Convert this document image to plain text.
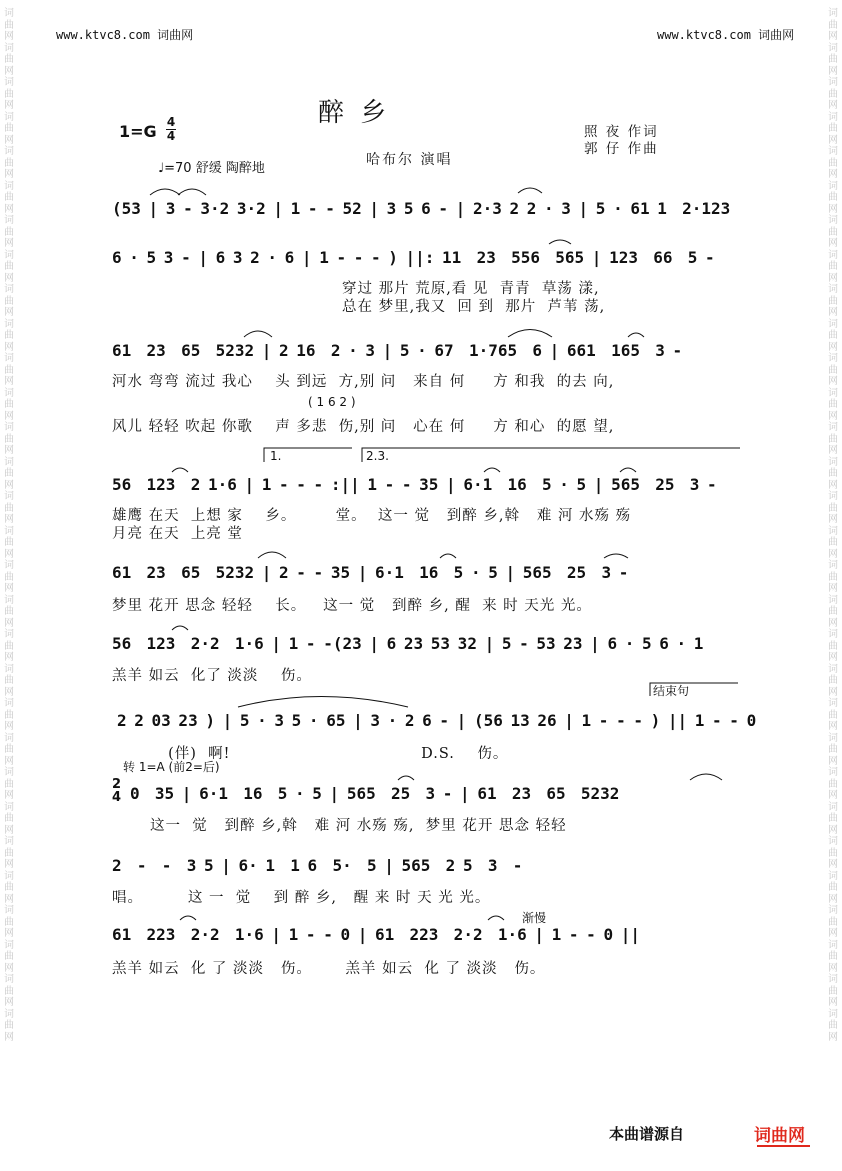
词曲网词曲网词曲网词曲网词曲网词曲网词曲网词曲网词曲网词曲网词曲网词曲网词曲网词曲网词曲网词曲网词曲网词曲网词曲网词曲网词曲网词曲网词曲网词曲网词曲网词曲网词曲网词曲网词曲网词曲网
词曲网词曲网词曲网词曲网词曲网词曲网词曲网词曲网词曲网词曲网词曲网词曲网词曲网词曲网词曲网词曲网词曲网词曲网词曲网词曲网词曲网词曲网词曲网词曲网词曲网词曲网词曲网词曲网词曲网词曲网
www.ktvc8.com 词曲网	www.ktvc8.com 词曲网
醉 乡
1=G 4
4
♩=70 舒缓 陶醉地
哈布尔 演唱
照 夜 作词
郭 仔 作曲
(53 | 3 - 3·2 3·2 | 1 - - 52 | 3 5 6 - | 2·3 2 2 · 3 | 5 · 61 1  2·123
6 · 5 3 - | 6 3 2 · 6 | 1 - - - ) ||: 11  23  556  565 | 123  66  5 -
穿过 那片 荒原,看 见  青青  草荡 漾,
总在 梦里,我又  回 到  那片  芦苇 荡,
61  23  65  5232 | 2 16  2 · 3 | 5 · 67  1·765  6 | 661  165  3 -
河水 弯弯 流过 我心    头 到远  方,别 问   来自 何     方 和我  的去 向,
( 1 6 2 )
风儿 轻轻 吹起 你歌    声 多悲  伤,别 问   心在 何     方 和心  的愿 望,
1.	2.3.
56  123  2 1·6 | 1 - - - :|| 1 - - 35 | 6·1  16  5 · 5 | 565  25  3 -
雄鹰 在天  上想 家    乡。       堂。  这一 觉   到醉 乡,斡   难 河 水殇 殇
月亮 在天  上亮 堂
61  23  65  5232 | 2 - - 35 | 6·1  16  5 · 5 | 565  25  3 -
梦里 花开 思念 轻轻    长。   这一 觉   到醉 乡, 醒  来 时 天光 光。
56  123  2·2  1·6 | 1 - -(23 | 6 23 53 32 | 5 - 53 23 | 6 · 5 6 · 1
羔羊 如云  化了 淡淡    伤。
结束句
2 2 03 23 ) | 5 · 3 5 · 65 | 3 · 2 6 - | (56 13 26 | 1 - - - ) || 1 - - 0
(伴)  啊!                                  D.S.    伤。
转 1=A (前2=后)
2
4 0  35 | 6·1  16  5 · 5 | 565  25  3 - | 61  23  65  5232
这一  觉   到醉 乡,斡   难 河 水殇 殇,  梦里 花开 思念 轻轻
2  -  -  3 5 | 6· 1  1 6  5·  5 | 565  2 5  3  -
唱。        这 一  觉    到 醉 乡,   醒 来 时 天 光 光。
渐慢
61  223  2·2  1·6 | 1 - - 0 | 61  223  2·2  1·6 | 1 - - 0 ||
羔羊 如云  化 了 淡淡   伤。      羔羊 如云  化 了 淡淡   伤。
本曲谱源自	词曲网
